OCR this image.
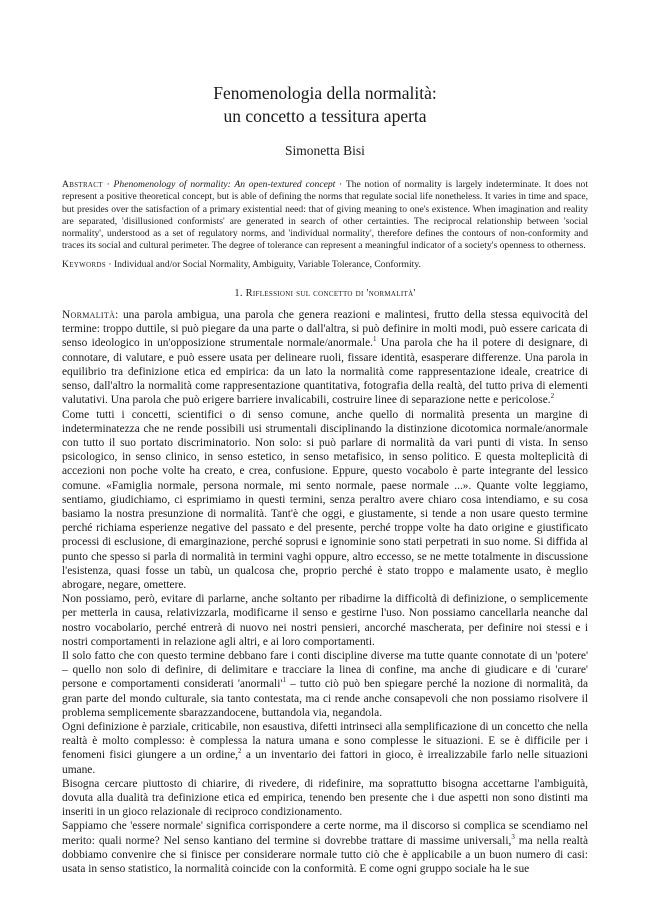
Fenomenologia della normalità:
un concetto a tessitura aperta

Simonetta Bisi

Abstract · Phenomenology of normality: An open-textured concept · The notion of normality is largely indeterminate. It does not represent a positive theoretical concept, but is able of defining the norms that regulate social life nonetheless. It varies in time and space, but presides over the satisfaction of a primary existential need: that of giving meaning to one's existence. When imagination and reality are separated, 'disillusioned conformists' are generated in search of other certainties. The reciprocal relationship between 'social normality', understood as a set of regulatory norms, and 'individual normality', therefore defines the contours of non-conformity and traces its social and cultural perimeter. The degree of tolerance can represent a meaningful indicator of a society's openness to otherness.

Keywords · Individual and/or Social Normality, Ambiguity, Variable Tolerance, Conformity.

1. Riflessioni sul concetto di 'normalità'

Normalità: una parola ambigua, una parola che genera reazioni e malintesi, frutto della stessa equivocità del termine: troppo duttile, si può piegare da una parte o dall'altra, si può definire in molti modi, può essere caricata di senso ideologico in un'opposizione strumentale normale/anormale.$^1$ Una parola che ha il potere di designare, di connotare, di valutare, e può essere usata per delineare ruoli, fissare identità, esasperare differenze. Una parola in equilibrio tra definizione etica ed empirica: da un lato la normalità come rappresentazione ideale, creatrice di senso, dall'altro la normalità come rappresentazione quantitativa, fotografia della realtà, del tutto priva di elementi valutativi. Una parola che può erigere barriere invalicabili, costruire linee di separazione nette e pericolose.$^2$

Come tutti i concetti, scientifici o di senso comune, anche quello di normalità presenta un margine di indeterminatezza che ne rende possibili usi strumentali disciplinando la distinzione dicotomica normale/anormale con tutto il suo portato discriminatorio. Non solo: si può parlare di normalità da vari punti di vista. In senso psicologico, in senso clinico, in senso estetico, in senso metafisico, in senso politico. E questa molteplicità di accezioni non poche volte ha creato, e crea, confusione. Eppure, questo vocabolo è parte integrante del lessico comune. «Famiglia normale, persona normale, mi sento normale, paese normale ...». Quante volte leggiamo, sentiamo, giudichiamo, ci esprimiamo in questi termini, senza peraltro avere chiaro cosa intendiamo, e su cosa basiamo la nostra presunzione di normalità. Tant'è che oggi, e giustamente, si tende a non usare questo termine perché richiama esperienze negative del passato e del presente, perché troppe volte ha dato origine e giustificato processi di esclusione, di emarginazione, perché soprusi e ignominie sono stati perpetrati in suo nome. Si diffida al punto che spesso si parla di normalità in termini vaghi oppure, altro eccesso, se ne mette totalmente in discussione l'esistenza, quasi fosse un tabù, un qualcosa che, proprio perché è stato troppo e malamente usato, è meglio abrogare, negare, omettere.

Non possiamo, però, evitare di parlarne, anche soltanto per ribadirne la difficoltà di definizione, o semplicemente per metterla in causa, relativizzarla, modificarne il senso e gestirne l'uso. Non possiamo cancellarla neanche dal nostro vocabolario, perché entrerà di nuovo nei nostri pensieri, ancorché mascherata, per definire noi stessi e i nostri comportamenti in relazione agli altri, e ai loro comportamenti.

Il solo fatto che con questo termine debbano fare i conti discipline diverse ma tutte quante connotate di un 'potere' – quello non solo di definire, di delimitare e tracciare la linea di confine, ma anche di giudicare e di 'curare' persone e comportamenti considerati '$anormali'^1$ – tutto ciò può ben spiegare perché la nozione di normalità, da gran parte del mondo culturale, sia tanto contestata, ma ci rende anche consapevoli che non possiamo risolvere il problema semplicemente sbarazzandocene, buttandola via, negandola.

Ogni definizione è parziale, criticabile, non esaustiva, difetti intrinseci alla semplificazione di un concetto che nella realtà è molto complesso: è complessa la natura umana e sono complesse le situazioni. E se è difficile per i fenomeni fisici giungere a un ordine,$^2$ a un inventario dei fattori in gioco, è irrealizzabile farlo nelle situazioni umane.

Bisogna cercare piuttosto di chiarire, di rivedere, di ridefinire, ma soprattutto bisogna accettarne l'ambiguità, dovuta alla dualità tra definizione etica ed empirica, tenendo ben presente che i due aspetti non sono distinti ma inseriti in un gioco relazionale di reciproco condizionamento.

Sappiamo che 'essere normale' significa corrispondere a certe norme, ma il discorso si complica se scendiamo nel merito: quali norme? Nel senso kantiano del termine si dovrebbe trattare di massime universali,$^3$ ma nella realtà dobbiamo convenire che si finisce per considerare normale tutto ciò che è applicabile a un buon numero di casi: usata in senso statistico, la normalità coincide con la conformità. E come ogni gruppo sociale ha le sue
